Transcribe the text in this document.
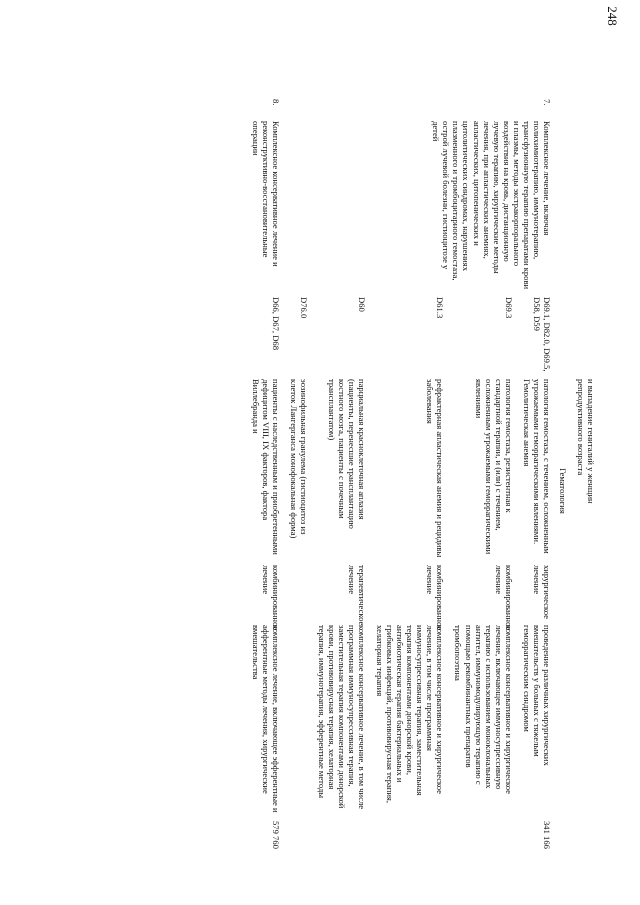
248
			и выпадение гениталий у женщин репродуктивного возраста			
Гематология						
7.	Комплексное лечение, включая полихимиотерапию, иммунотерапию, трансфузионную терапию препаратами крови и плазмы, методы экстракорпорального воздействия на кровь, дистанционную лучевую терапию, хирургические методы лечения, при апластических анемиях, апластических, цитопенических и цитолитических синдромах, нарушениях плазменного и тромбоцитарного гемостаза, острой лучевой болезни, гистиоцитозе у детей	D69.1, D82.0, D69.5, D58, D59	патология гемостаза, с течением, осложненным угрожаемыми геморрагическими явлениями. Гемолитическая анемия	хирургическое лечение	проведение различных хирургических вмешательств у больных с тяжелым геморрагическим синдромом	341 166
		D69.3	патология гемостаза, резистентная к стандартной терапии, и (или) с течением, осложненным угрожаемыми геморрагическими явлениями	комбинированное лечение	комплексное консервативное и хирургическое лечение, включающее иммуносупрессивную терапию с использованием моноклональных антител, иммуномодулирующую терапию с помощью рекомбинантных препаратов тромбопоэтина	
		D61.3	рефрактерная апластическая анемия и рецидивы заболевания	комбинированное лечение	комплексное консервативное и хирургическое лечение, в том числе программная иммуносупрессивная терапия, заместительная терапия компонентами донорской крови, антибиотическая терапия бактериальных и грибковых инфекций, противовирусная терапия, хелаторная терапия	
		D60	парциальная красноклеточная аплазия (пациенты, перенесшие трансплантацию костного мозга, пациенты с почечным трансплантатом)	терапевтическое лечение	комплексное консервативное лечение, в том числе программная иммуносупрессивная терапия, заместительная терапия компонентами донорской крови, противовирусная терапия, хелаторная терапия, иммунотерапия, эфферентные методы	
		D76.0	эозинофильная гранулема (гистиоцитоз из клеток Лангерганса монофокальная форма)			
8.	Комплексное консервативное лечение и реконструктивно-восстановительные операции	D66, D67, D68	пациенты с наследственным и приобретенными дефицитом VIII, IX факторов, фактора Виллебранда и	комбинированное лечение	комплексное лечение, включающее эфферентные и афферентные методы лечения, хирургические вмешательства	579 760
